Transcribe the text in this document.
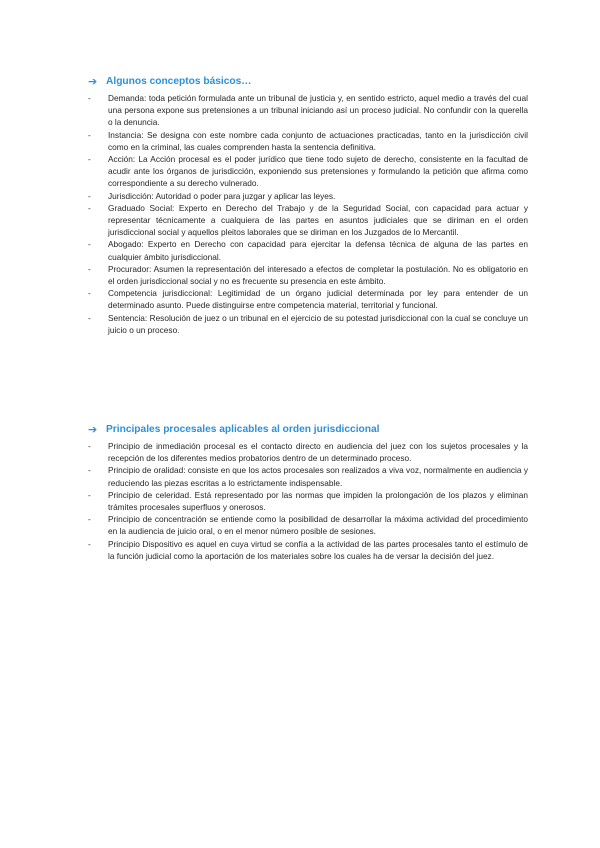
➔ Algunos conceptos básicos…
-	Demanda: toda petición formulada ante un tribunal de justicia y, en sentido estricto, aquel medio a través del cual una persona expone sus pretensiones a un tribunal iniciando así un proceso judicial. No confundir con la querella o la denuncia.
-	Instancia: Se designa con este nombre cada conjunto de actuaciones practicadas, tanto en la jurisdicción civil como en la criminal, las cuales comprenden hasta la sentencia definitiva.
-	Acción: La Acción procesal es el poder jurídico que tiene todo sujeto de derecho, consistente en la facultad de acudir ante los órganos de jurisdicción, exponiendo sus pretensiones y formulando la petición que afirma como correspondiente a su derecho vulnerado.
-	Jurisdicción: Autoridad o poder para juzgar y aplicar las leyes.
-	Graduado Social: Experto en Derecho del Trabajo y de la Seguridad Social, con capacidad para actuar y representar técnicamente a cualquiera de las partes en asuntos judiciales que se diriman en el orden jurisdiccional social y aquellos pleitos laborales que se diriman en los Juzgados de lo Mercantil.
-	Abogado: Experto en Derecho con capacidad para ejercitar la defensa técnica de alguna de las partes en cualquier ámbito jurisdiccional.
-	Procurador: Asumen la representación del interesado a efectos de completar la postulación. No es obligatorio en el orden jurisdiccional social y no es frecuente su presencia en este ámbito.
-	Competencia jurisdiccional: Legitimidad de un órgano judicial determinada por ley para entender de un determinado asunto. Puede distinguirse entre competencia material, territorial y funcional.
-	Sentencia: Resolución de juez o un tribunal en el ejercicio de su potestad jurisdiccional con la cual se concluye un juicio o un proceso.
➔ Principales procesales aplicables al orden jurisdiccional
-	Principio de inmediación procesal es el contacto directo en audiencia del juez con los sujetos procesales y la recepción de los diferentes medios probatorios dentro de un determinado proceso.
-	Principio de oralidad: consiste en que los actos procesales son realizados a viva voz, normalmente en audiencia y reduciendo las piezas escritas a lo estrictamente indispensable.
-	Principio de celeridad. Está representado por las normas que impiden la prolongación de los plazos y eliminan trámites procesales superfluos y onerosos.
-	Principio de concentración se entiende como la posibilidad de desarrollar la máxima actividad del procedimiento en la audiencia de juicio oral, o en el menor número posible de sesiones.
-	Principio Dispositivo es aquel en cuya virtud se confía a la actividad de las partes procesales tanto el estímulo de la función judicial como la aportación de los materiales sobre los cuales ha de versar la decisión del juez.
